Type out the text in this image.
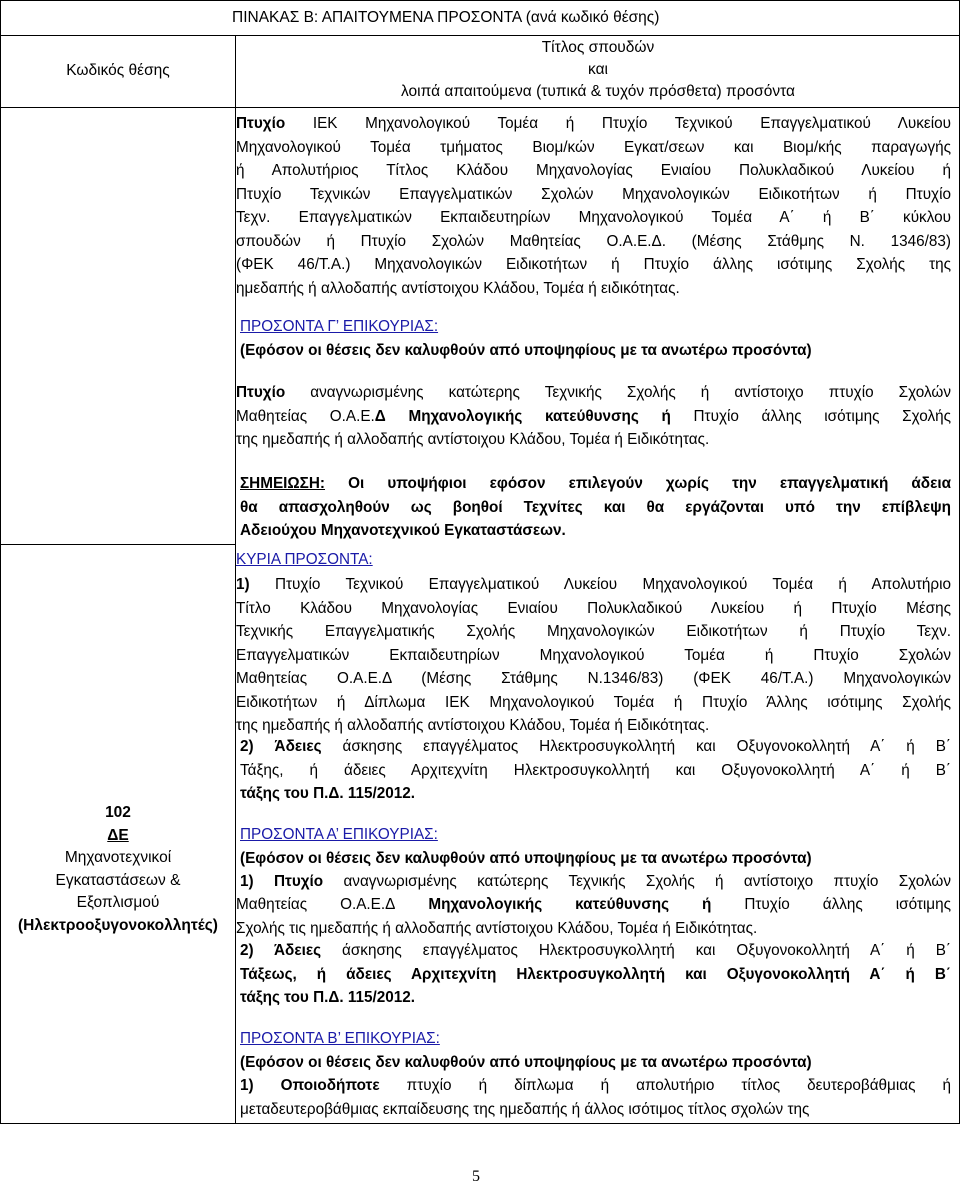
ΠΙΝΑΚΑΣ Β: ΑΠΑΙΤΟΥΜΕΝΑ ΠΡΟΣΟΝΤΑ (ανά κωδικό θέσης)
Κωδικός θέσης
Τίτλος σπουδών
και
λοιπά απαιτούμενα (τυπικά & τυχόν πρόσθετα) προσόντα
Πτυχίο ΙΕΚ Μηχανολογικού Τομέα ή Πτυχίο Τεχνικού Επαγγελματικού Λυκείου
Μηχανολογικού Τομέα τμήματος Βιομ/κών Εγκατ/σεων και Βιομ/κής παραγωγής
ή Απολυτήριος Τίτλος Κλάδου Μηχανολογίας Ενιαίου Πολυκλαδικού Λυκείου ή
Πτυχίο Τεχνικών Επαγγελματικών Σχολών Μηχανολογικών Ειδικοτήτων ή Πτυχίο
Τεχν. Επαγγελματικών Εκπαιδευτηρίων Μηχανολογικού Τομέα Α΄ ή Β΄ κύκλου
σπουδών ή Πτυχίο Σχολών Μαθητείας Ο.Α.Ε.Δ. (Μέσης Στάθμης Ν. 1346/83)
(ΦΕΚ 46/Τ.Α.) Μηχανολογικών Ειδικοτήτων ή Πτυχίο άλλης ισότιμης Σχολής της
ημεδαπής ή αλλοδαπής αντίστοιχου Κλάδου, Τομέα ή ειδικότητας.
ΠΡΟΣΟΝΤΑ Γ’ ΕΠΙΚΟΥΡΙΑΣ:
(Εφόσον οι θέσεις δεν καλυφθούν από υποψηφίους με τα ανωτέρω προσόντα)
Πτυχίο αναγνωρισμένης κατώτερης Τεχνικής Σχολής ή αντίστοιχο πτυχίο Σχολών
Μαθητείας Ο.Α.Ε.Δ Μηχανολογικής κατεύθυνσης ή Πτυχίο άλλης ισότιμης Σχολής
της ημεδαπής ή αλλοδαπής αντίστοιχου Κλάδου, Τομέα ή Ειδικότητας.
ΣΗΜΕΙΩΣΗ: Οι υποψήφιοι εφόσον επιλεγούν χωρίς την επαγγελματική άδεια
θα απασχοληθούν ως βοηθοί Τεχνίτες και θα εργάζονται υπό την επίβλεψη
Αδειούχου Μηχανοτεχνικού Εγκαταστάσεων.
102
ΔΕ
Μηχανοτεχνικοί
Εγκαταστάσεων &
Εξοπλισμού
(Ηλεκτροοξυγονοκολλητές)
ΚΥΡΙΑ ΠΡΟΣΟΝΤΑ:
1) Πτυχίο Τεχνικού Επαγγελματικού Λυκείου Μηχανολογικού Τομέα ή Απολυτήριο
Τίτλο Κλάδου Μηχανολογίας Ενιαίου Πολυκλαδικού Λυκείου ή Πτυχίο Μέσης
Τεχνικής Επαγγελματικής Σχολής Μηχανολογικών Ειδικοτήτων ή Πτυχίο Τεχν.
Επαγγελματικών Εκπαιδευτηρίων Μηχανολογικού Τομέα ή Πτυχίο Σχολών
Μαθητείας Ο.Α.Ε.Δ (Μέσης Στάθμης Ν.1346/83) (ΦΕΚ 46/Τ.Α.) Μηχανολογικών
Ειδικοτήτων ή Δίπλωμα ΙΕΚ Μηχανολογικού Τομέα ή Πτυχίο Άλλης ισότιμης Σχολής
της ημεδαπής ή αλλοδαπής αντίστοιχου Κλάδου, Τομέα ή Ειδικότητας.
2) Άδειες άσκησης επαγγέλματος Ηλεκτροσυγκολλητή και Οξυγονοκολλητή Α΄ ή Β΄
Τάξης, ή άδειες Αρχιτεχνίτη Ηλεκτροσυγκολλητή και Οξυγονοκολλητή Α΄ ή Β΄
τάξης του Π.Δ. 115/2012.
ΠΡΟΣΟΝΤΑ Α’ ΕΠΙΚΟΥΡΙΑΣ:
(Εφόσον οι θέσεις δεν καλυφθούν από υποψηφίους με τα ανωτέρω προσόντα)
1) Πτυχίο αναγνωρισμένης κατώτερης Τεχνικής Σχολής ή αντίστοιχο πτυχίο Σχολών
Μαθητείας Ο.Α.Ε.Δ Μηχανολογικής κατεύθυνσης ή Πτυχίο άλλης ισότιμης
Σχολής τις ημεδαπής ή αλλοδαπής αντίστοιχου Κλάδου, Τομέα ή Ειδικότητας.
2) Άδειες άσκησης επαγγέλματος Ηλεκτροσυγκολλητή και Οξυγονοκολλητή Α΄ ή Β΄
Τάξεως, ή άδειες Αρχιτεχνίτη Ηλεκτροσυγκολλητή και Οξυγονοκολλητή Α΄ ή Β΄
τάξης του Π.Δ. 115/2012.
ΠΡΟΣΟΝΤΑ Β’ ΕΠΙΚΟΥΡΙΑΣ:
(Εφόσον οι θέσεις δεν καλυφθούν από υποψηφίους με τα ανωτέρω προσόντα)
1) Οποιοδήποτε πτυχίο ή δίπλωμα ή απολυτήριο τίτλος δευτεροβάθμιας ή
μεταδευτεροβάθμιας εκπαίδευσης της ημεδαπής ή άλλος ισότιμος τίτλος σχολών της
5
